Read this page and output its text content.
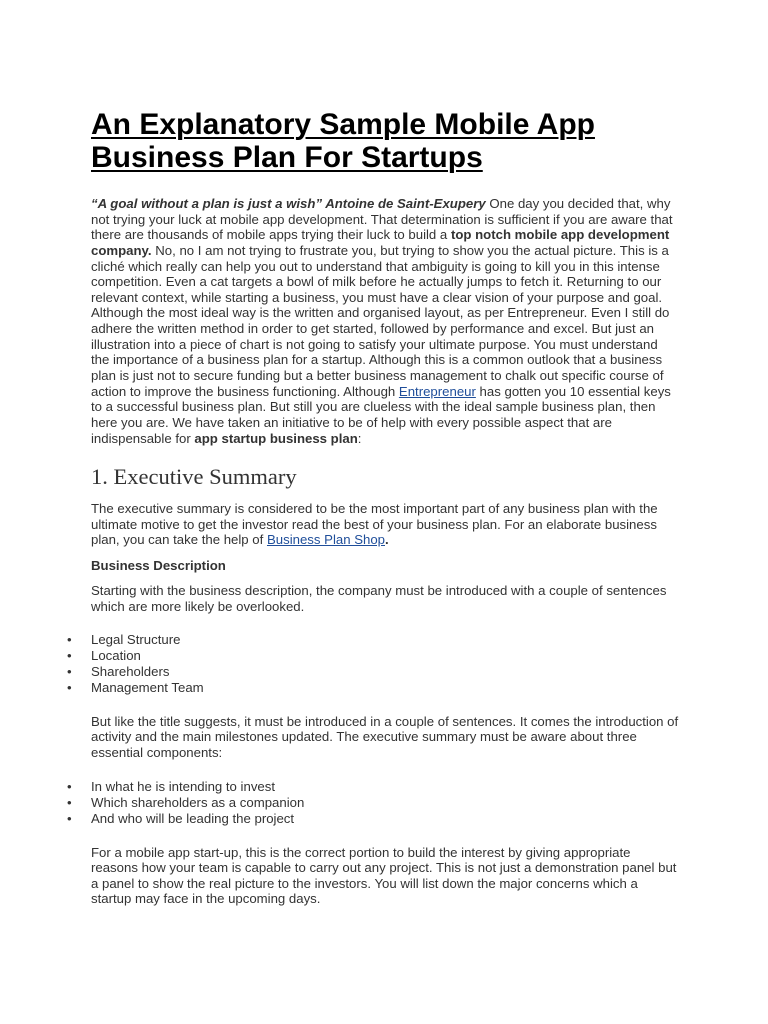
An Explanatory Sample Mobile App
Business Plan For Startups
“A goal without a plan is just a wish” Antoine de Saint-Exupery One day you decided that, why
not trying your luck at mobile app development. That determination is sufficient if you are aware that
there are thousands of mobile apps trying their luck to build a top notch mobile app development
company. No, no I am not trying to frustrate you, but trying to show you the actual picture. This is a
cliché which really can help you out to understand that ambiguity is going to kill you in this intense
competition. Even a cat targets a bowl of milk before he actually jumps to fetch it. Returning to our
relevant context, while starting a business, you must have a clear vision of your purpose and goal.
Although the most ideal way is the written and organised layout, as per Entrepreneur. Even I still do
adhere the written method in order to get started, followed by performance and excel. But just an
illustration into a piece of chart is not going to satisfy your ultimate purpose. You must understand
the importance of a business plan for a startup. Although this is a common outlook that a business
plan is just not to secure funding but a better business management to chalk out specific course of
action to improve the business functioning. Although Entrepreneur has gotten you 10 essential keys
to a successful business plan. But still you are clueless with the ideal sample business plan, then
here you are. We have taken an initiative to be of help with every possible aspect that are
indispensable for app startup business plan:
1. Executive Summary
The executive summary is considered to be the most important part of any business plan with the
ultimate motive to get the investor read the best of your business plan. For an elaborate business
plan, you can take the help of Business Plan Shop.
Business Description
Starting with the business description, the company must be introduced with a couple of sentences
which are more likely be overlooked.
• Legal Structure
• Location
• Shareholders
• Management Team
But like the title suggests, it must be introduced in a couple of sentences. It comes the introduction of
activity and the main milestones updated. The executive summary must be aware about three
essential components:
• In what he is intending to invest
• Which shareholders as a companion
• And who will be leading the project
For a mobile app start-up, this is the correct portion to build the interest by giving appropriate
reasons how your team is capable to carry out any project. This is not just a demonstration panel but
a panel to show the real picture to the investors. You will list down the major concerns which a
startup may face in the upcoming days.
